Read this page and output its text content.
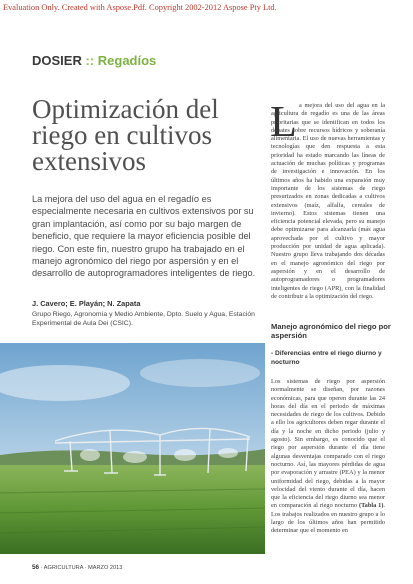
Evaluation Only. Created with Aspose.Pdf. Copyright 2002-2012 Aspose Pty Ltd.
DOSIER :: Regadíos
Optimización del riego en cultivos extensivos

La mejora del uso del agua en el regadío es especialmente necesaria en cultivos extensivos por su gran implantación, así como por su bajo margen de beneficio, que requiere la mayor eficiencia posible del riego. Con este fin, nuestro grupo ha trabajado en el manejo agronómico del riego por aspersión y en el desarrollo de autoprogramadores inteligentes de riego.

J. Cavero; E. Playán; N. Zapata

Grupo Riego, Agronomía y Medio Ambiente, Dpto. Suelo y Agua, Estación Experimental de Aula Dei (CSIC).

L a mejora del uso del agua en la agricultura de regadío es una de las áreas prioritarias que se identifican en todos los debates sobre recursos hídricos y soberanía alimentaria. El uso de nuevas herramientas y tecnologías que den respuesta a esta prioridad ha estado marcando las líneas de actuación de muchas políticas y programas de investigación e innovación. En los últimos años ha habido una expansión muy importante de los sistemas de riego presurizados en zonas dedicadas a cultivos extensivos (maíz, alfalfa, cereales de invierno). Estos sistemas tienen una eficiencia potencial elevada, pero su manejo debe optimizarse para alcanzarla (más agua aprovechada por el cultivo y mayor producción por unidad de agua aplicada). Nuestro grupo lleva trabajando dos décadas en el manejo agronómico del riego por aspersión y en el desarrollo de autoprogramadores o programadores inteligentes de riego (APR), con la finalidad de contribuir a la optimización del riego.

Manejo agronómico del riego por aspersión
- Diferencias entre el riego diurno y nocturno

Los sistemas de riego por aspersión normalmente se diseñan, por razones económicas, para que operen durante las 24 horas del día en el periodo de máximas necesidades de riego de los cultivos. Debido a ello los agricultores deben regar durante el día y la noche en dicho periodo (julio y agosto). Sin embargo, es conocido que el riego por aspersión durante el día tiene algunas desventajas comparado con el riego nocturno. Así, las mayores pérdidas de agua por evaporación y arrastre (PEA) y la menor uniformidad del riego, debidas a la mayor velocidad del viento durante el día, hacen que la eficiencia del riego diurno sea menor en comparación al riego nocturno (Tabla 1). Los trabajos realizados en nuestro grupo a lo largo de los últimos años han permitido determinar que el momento en

56 · AGRICULTURA · MARZO 2013
